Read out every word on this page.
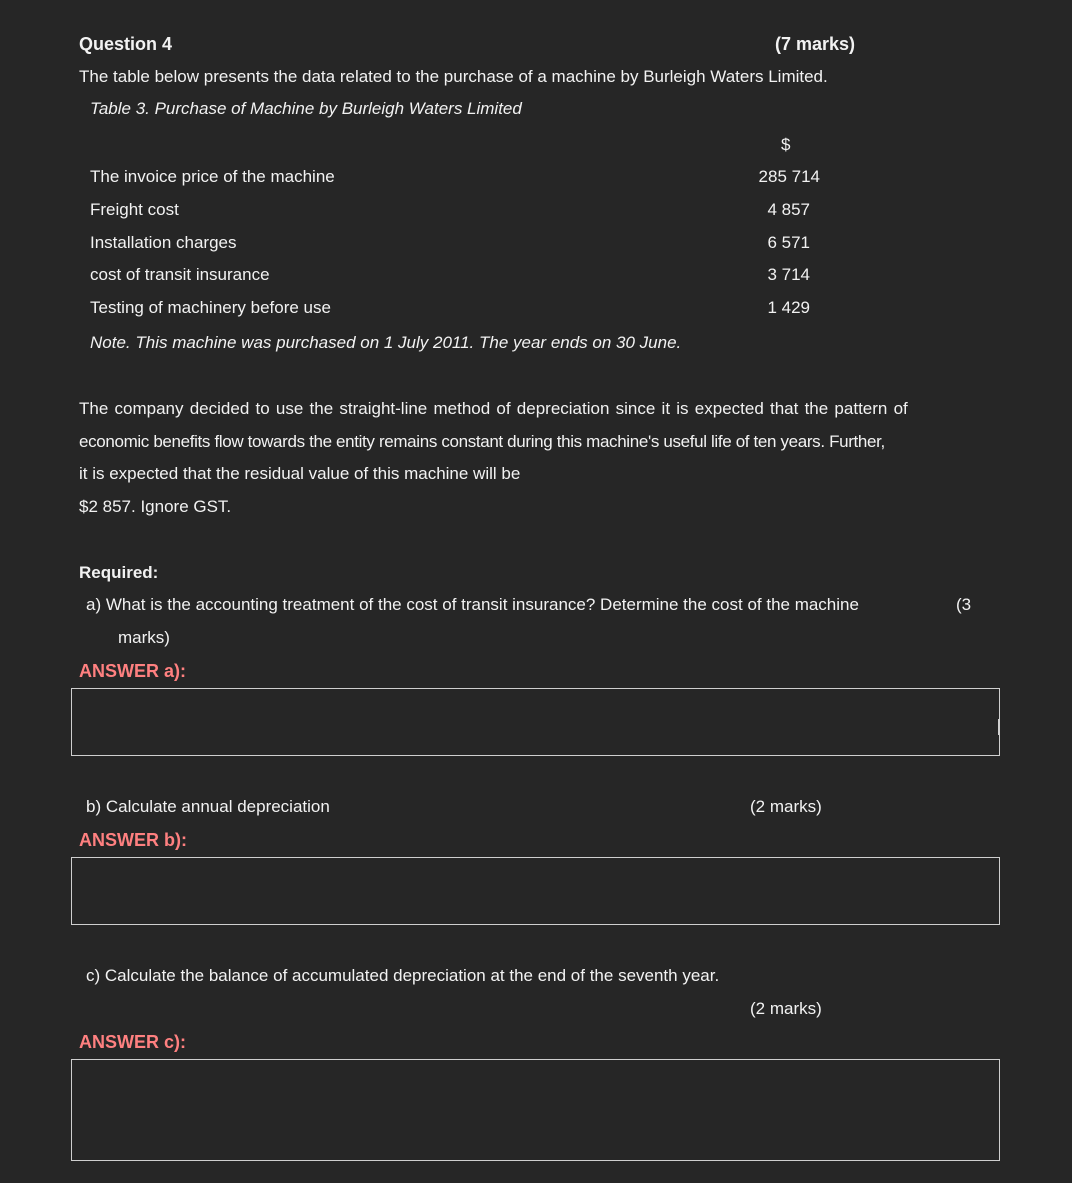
Question 4	(7 marks)
The table below presents the data related to the purchase of a machine by Burleigh Waters Limited.
Table 3. Purchase of Machine by Burleigh Waters Limited
$
The invoice price of the machine	285 714
Freight cost	4 857
Installation charges	6 571
cost of transit insurance	3 714
Testing of machinery before use	1 429
Note. This machine was purchased on 1 July 2011. The year ends on 30 June.
The company decided to use the straight-line method of depreciation since it is expected that the pattern of
economic benefits flow towards the entity remains constant during this machine's useful life of ten years. Further,
it is expected that the residual value of this machine will be
$2 857. Ignore GST.
Required:
a) What is the accounting treatment of the cost of transit insurance? Determine the cost of the machine	(3
marks)
ANSWER a):
b) Calculate annual depreciation	(2 marks)
ANSWER b):
c) Calculate the balance of accumulated depreciation at the end of the seventh year.
(2 marks)
ANSWER c):
